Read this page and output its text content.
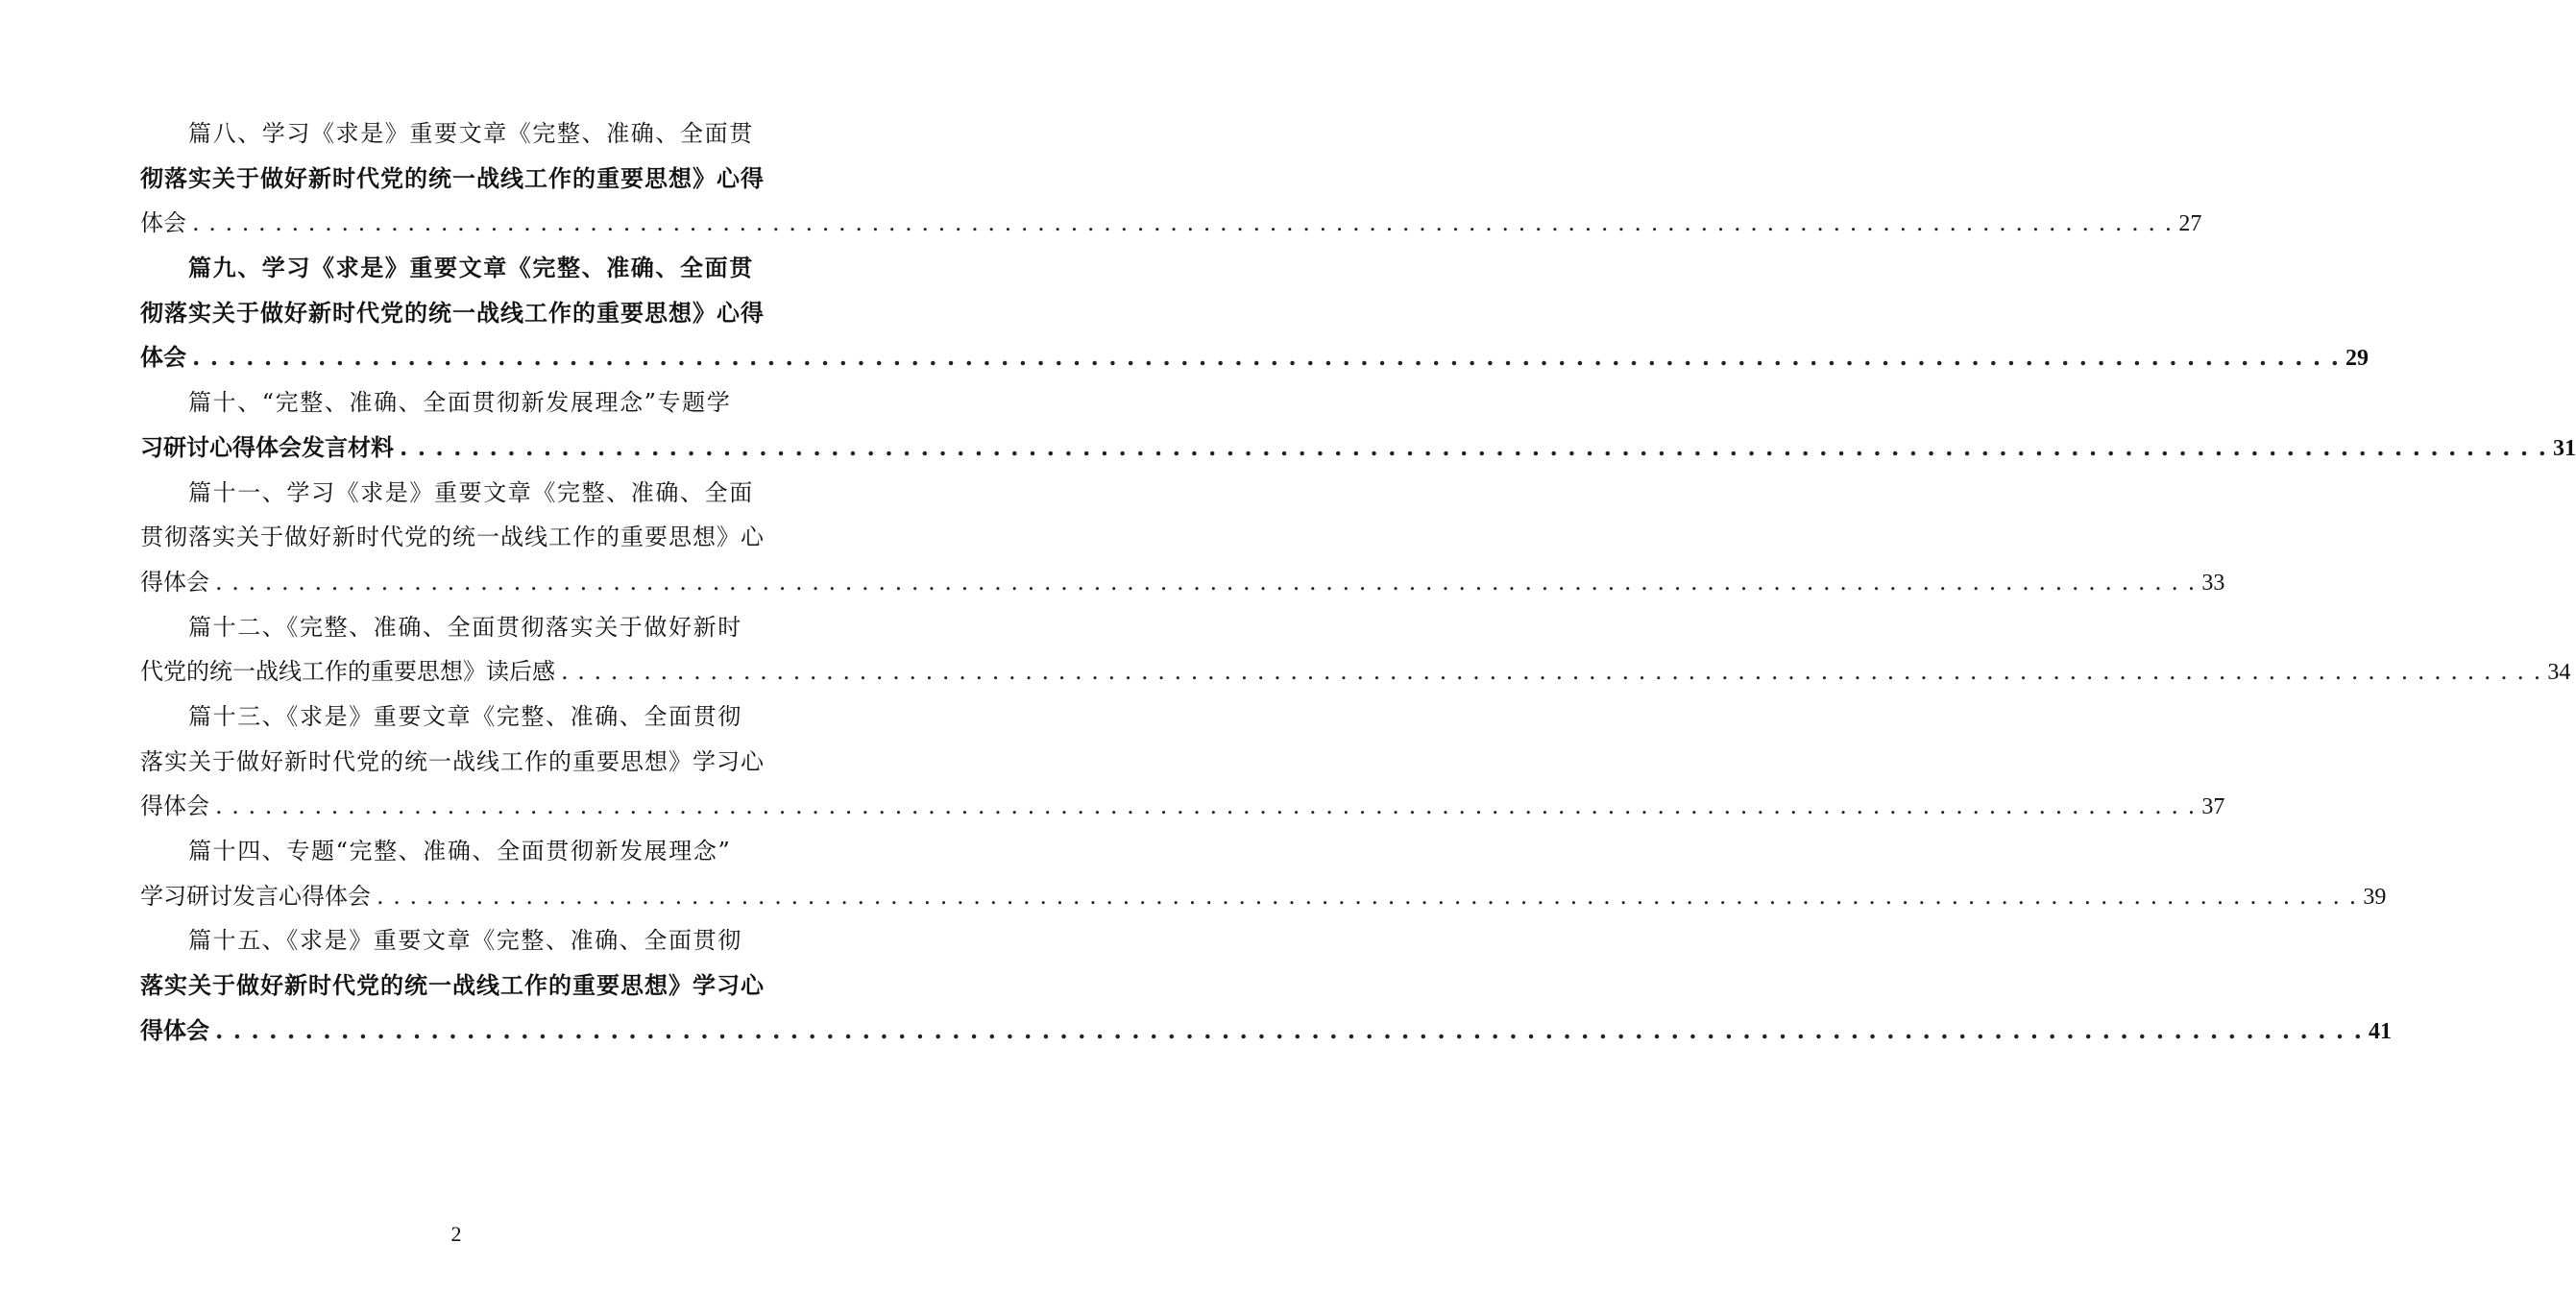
篇八、学习《求是》重要文章《完整、准确、全面贯
彻落实关于做好新时代党的统一战线工作的重要思想》心得
体会 . . . . . . . . . . . . . . . . . . . . . . . . . . . . . . . . . . . . . . . . . . . . . . . . . . . . . . . . . . . . . . . . . . . . . . . . . . . . . . . . . . . . . . . . . . . . . . . . . . . . . . . . . . . . . . . . . . . . . . . . 27
篇九、学习《求是》重要文章《完整、准确、全面贯
彻落实关于做好新时代党的统一战线工作的重要思想》心得
体会 . . . . . . . . . . . . . . . . . . . . . . . . . . . . . . . . . . . . . . . . . . . . . . . . . . . . . . . . . . . . . . . . . . . . . . . . . . . . . . . . . . . . . . . . . . . . . . . . . . . . . . . . . . . . . . . . . . . . . . . . 29
篇十、“完整、准确、全面贯彻新发展理念”专题学
习研讨心得体会发言材料 . . . . . . . . . . . . . . . . . . . . . . . . . . . . . . . . . . . . . . . . . . . . . . . . . . . . . . . . . . . . . . . . . . . . . . . . . . . . . . . . . . . . . . . . . . . . . . . . . . . . . . . . . . . . . . . . . . . . . . . . 31
篇十一、学习《求是》重要文章《完整、准确、全面
贯彻落实关于做好新时代党的统一战线工作的重要思想》心
得体会 . . . . . . . . . . . . . . . . . . . . . . . . . . . . . . . . . . . . . . . . . . . . . . . . . . . . . . . . . . . . . . . . . . . . . . . . . . . . . . . . . . . . . . . . . . . . . . . . . . . . . . . . . . . . . . . . . . . . . . . . 33
篇十二、《完整、准确、全面贯彻落实关于做好新时
代党的统一战线工作的重要思想》读后感 . . . . . . . . . . . . . . . . . . . . . . . . . . . . . . . . . . . . . . . . . . . . . . . . . . . . . . . . . . . . . . . . . . . . . . . . . . . . . . . . . . . . . . . . . . . . . . . . . . . . . . . . . . . . . . . . . . . . . . . . 34
篇十三、《求是》重要文章《完整、准确、全面贯彻
落实关于做好新时代党的统一战线工作的重要思想》学习心
得体会 . . . . . . . . . . . . . . . . . . . . . . . . . . . . . . . . . . . . . . . . . . . . . . . . . . . . . . . . . . . . . . . . . . . . . . . . . . . . . . . . . . . . . . . . . . . . . . . . . . . . . . . . . . . . . . . . . . . . . . . . 37
篇十四、专题“完整、准确、全面贯彻新发展理念”
学习研讨发言心得体会 . . . . . . . . . . . . . . . . . . . . . . . . . . . . . . . . . . . . . . . . . . . . . . . . . . . . . . . . . . . . . . . . . . . . . . . . . . . . . . . . . . . . . . . . . . . . . . . . . . . . . . . . . . . . . . . . . . . . . . . . 39
篇十五、《求是》重要文章《完整、准确、全面贯彻
落实关于做好新时代党的统一战线工作的重要思想》学习心
得体会 . . . . . . . . . . . . . . . . . . . . . . . . . . . . . . . . . . . . . . . . . . . . . . . . . . . . . . . . . . . . . . . . . . . . . . . . . . . . . . . . . . . . . . . . . . . . . . . . . . . . . . . . . . . . . . . . . . . . . . . . 41
2
